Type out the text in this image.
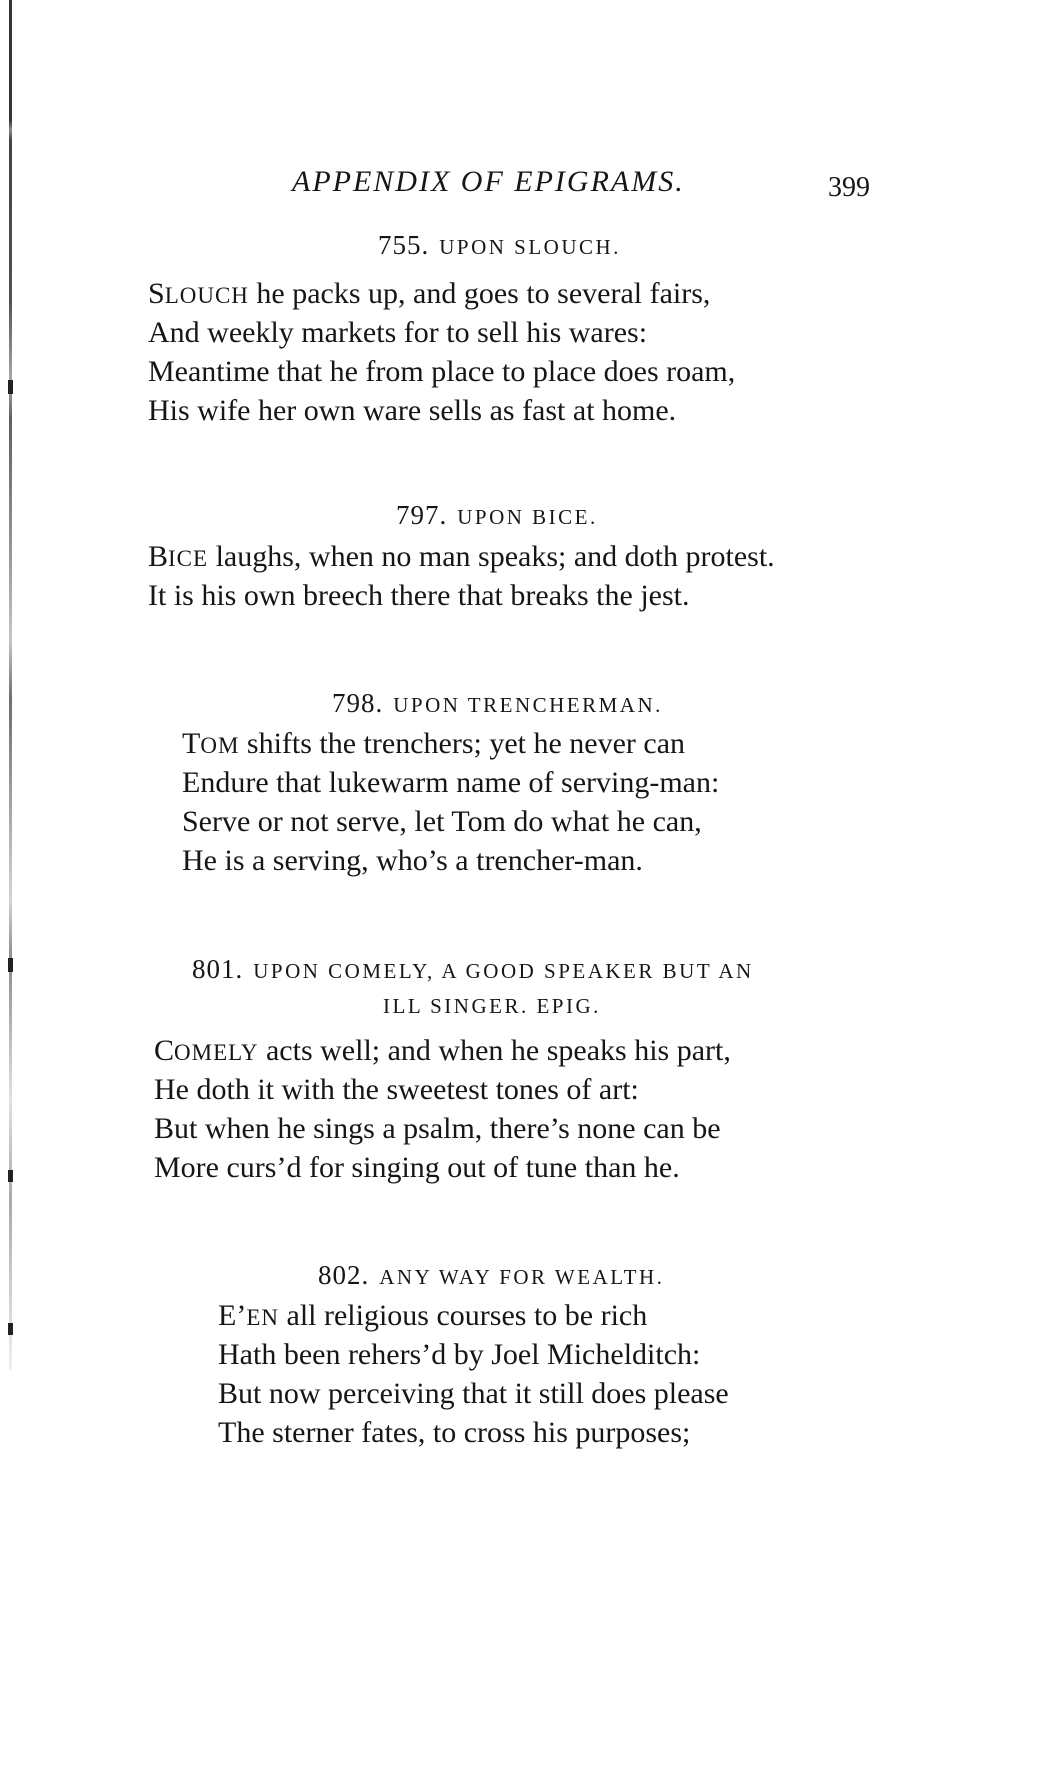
APPENDIX OF EPIGRAMS.	399
755. UPON SLOUCH.
SLOUCH he packs up, and goes to several fairs,
And weekly markets for to sell his wares:
Meantime that he from place to place does roam,
His wife her own ware sells as fast at home.
797. UPON BICE.
BICE laughs, when no man speaks; and doth protest.
It is his own breech there that breaks the jest.
798. UPON TRENCHERMAN.
TOM shifts the trenchers; yet he never can
Endure that lukewarm name of serving-man:
Serve or not serve, let Tom do what he can,
He is a serving, who’s a trencher-man.
801. UPON COMELY, A GOOD SPEAKER BUT AN
ILL SINGER. EPIG.
COMELY acts well; and when he speaks his part,
He doth it with the sweetest tones of art:
But when he sings a psalm, there’s none can be
More curs’d for singing out of tune than he.
802. ANY WAY FOR WEALTH.
E’EN all religious courses to be rich
Hath been rehers’d by Joel Michelditch:
But now perceiving that it still does please
The sterner fates, to cross his purposes;
